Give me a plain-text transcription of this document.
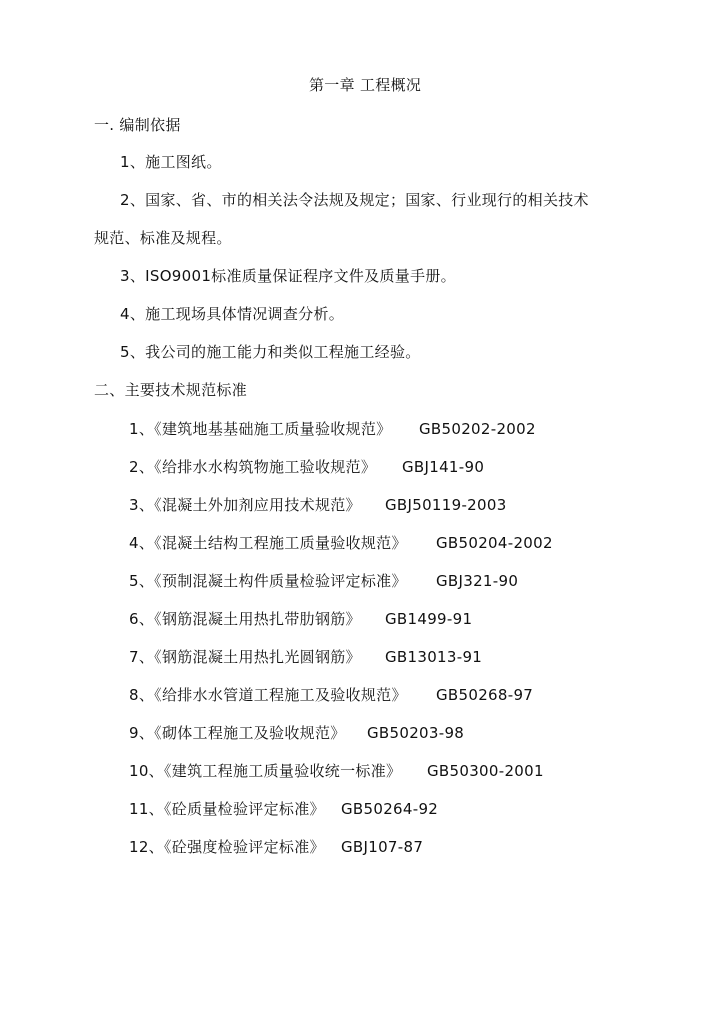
第一章 工程概况
一. 编制依据
1、施工图纸。
2、国家、省、市的相关法令法规及规定；国家、行业现行的相关技术
规范、标准及规程。
3、ISO9001标准质量保证程序文件及质量手册。
4、施工现场具体情况调查分析。
5、我公司的施工能力和类似工程施工经验。
二、主要技术规范标准
1、《建筑地基基础施工质量验收规范》 GB50202-2002
2、《给排水水构筑物施工验收规范》 GBJ141-90
3、《混凝土外加剂应用技术规范》 GBJ50119-2003
4、《混凝土结构工程施工质量验收规范》 GB50204-2002
5、《预制混凝土构件质量检验评定标准》 GBJ321-90
6、《钢筋混凝土用热扎带肋钢筋》 GB1499-91
7、《钢筋混凝土用热扎光圆钢筋》 GB13013-91
8、《给排水水管道工程施工及验收规范》 GB50268-97
9、《砌体工程施工及验收规范》 GB50203-98
10、《建筑工程施工质量验收统一标准》 GB50300-2001
11、《砼质量检验评定标准》 GB50264-92
12、《砼强度检验评定标准》 GBJ107-87
